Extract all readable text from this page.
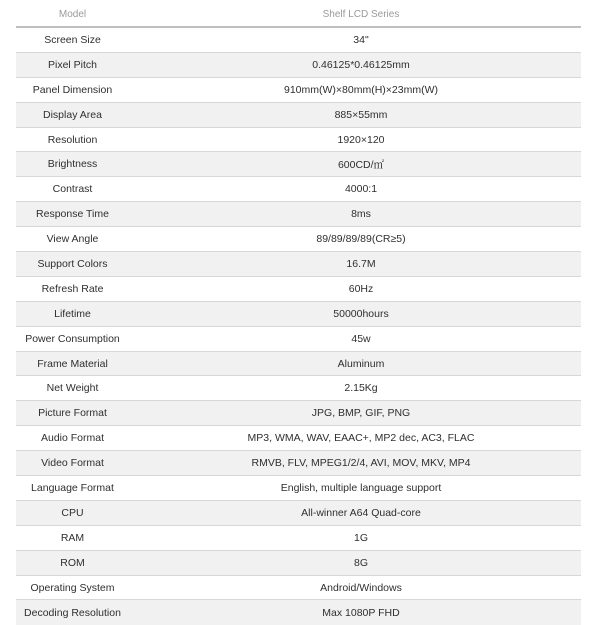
Model	Shelf LCD Series
Screen Size	34"
Pixel Pitch	0.46125*0.46125mm
Panel Dimension	910mm(W)×80mm(H)×23mm(W)
Display Area	885×55mm
Resolution	1920×120
Brightness	600CD/㎡
Contrast	4000:1
Response Time	8ms
View Angle	89/89/89/89(CR≥5)
Support Colors	16.7M
Refresh Rate	60Hz
Lifetime	50000hours
Power Consumption	45w
Frame Material	Aluminum
Net Weight	2.15Kg
Picture Format	JPG, BMP, GIF, PNG
Audio Format	MP3, WMA, WAV, EAAC+, MP2 dec, AC3, FLAC
Video Format	RMVB, FLV, MPEG1/2/4, AVI, MOV, MKV, MP4
Language Format	English, multiple language support
CPU	All-winner A64 Quad-core
RAM	1G
ROM	8G
Operating System	Android/Windows
Decoding Resolution	Max 1080P FHD
